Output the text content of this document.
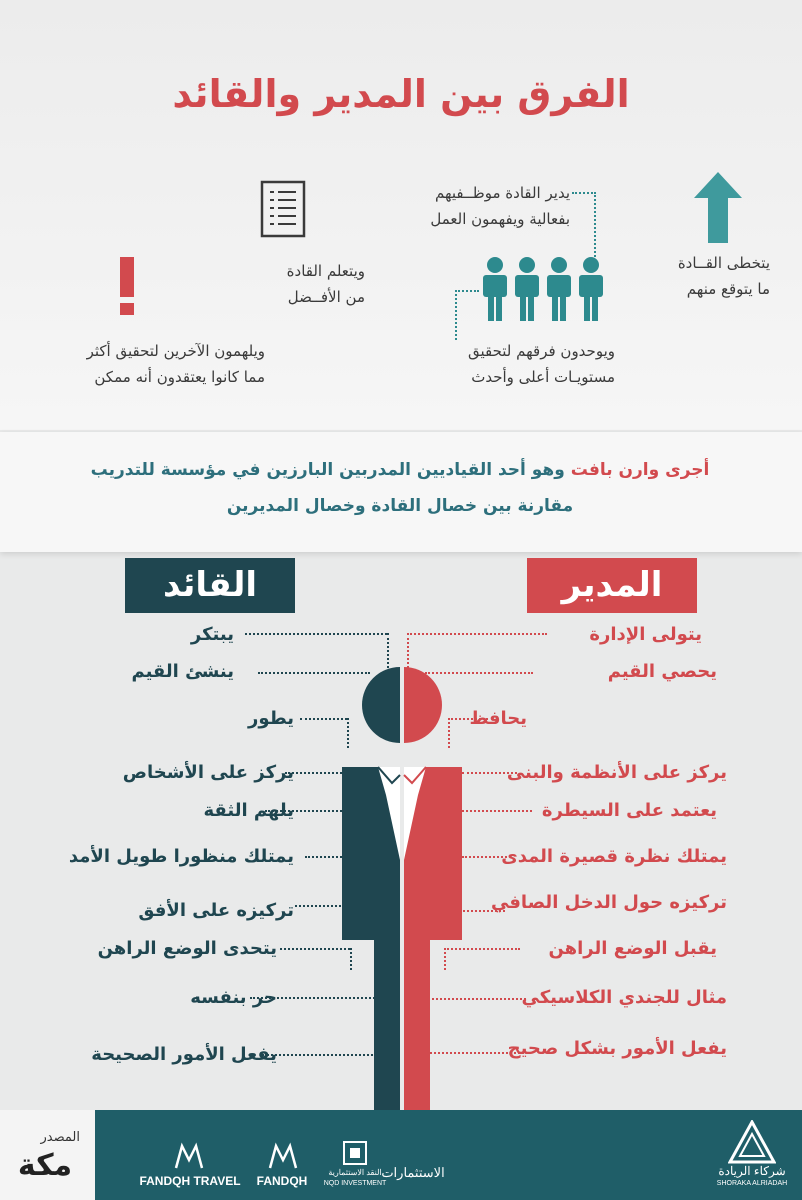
الفرق بين المدير والقائد
يتخطى القــادة
ما يتوقع منهم
يدير القادة موظــفيهم
بفعالية ويفهمون العمل
ويوحدون فرقهم لتحقيق
مستويـات أعلى وأحدث
ويتعلم القادة
من الأفــضل
ويلهمون الآخرين لتحقيق أكثر
مما كانوا يعتقدون أنه ممكن
أجرى وارن بافت وهو أحد القياديين المدربين البارزين في مؤسسة للتدريب
مقارنة بين خصال القادة وخصال المديرين
القائد	المدير
يبتكر
ينشئ القيم
يطور
يركز على الأشخاص
يلهم الثقة
يمتلك منظورا طويل الأمد
تركيزه على الأفق
يتحدى الوضع الراهن
حر بنفسه
يفعل الأمور الصحيحة
يتولى الإدارة
يحصي القيم
يحافظ
يركز على الأنظمة والبنى
يعتمد على السيطرة
يمتلك نظرة قصيرة المدى
تركيزه حول الدخل الصافي
يقبل الوضع الراهن
مثال للجندي الكلاسيكي
يفعل الأمور بشكل صحيح
المصدر
مكة	شركاء الريادة
SHORAKA ALRIADAH
الاستثمارات
النقد الاستثمارية
NQD INVESTMENT
FANDQH
FANDQH TRAVEL
